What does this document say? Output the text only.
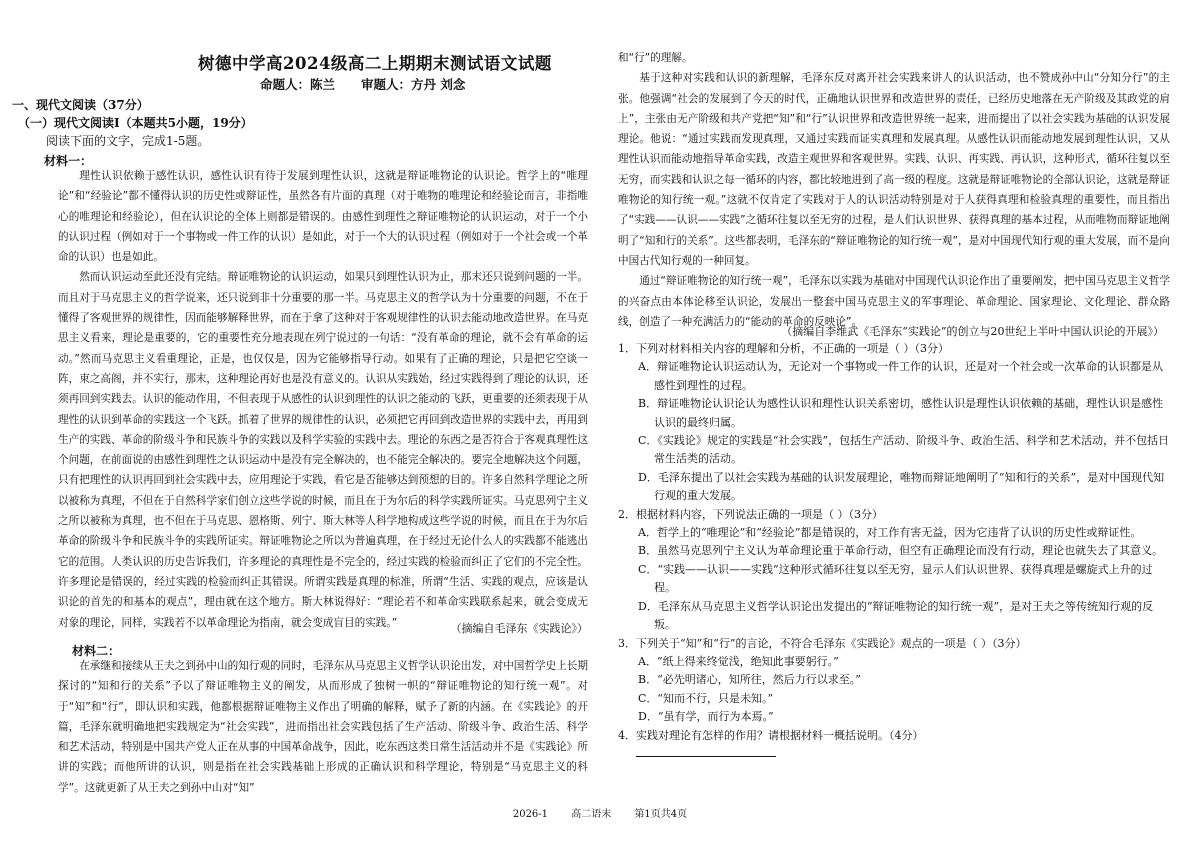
树德中学高2024级高二上期期末测试语文试题
命题人：陈兰 审题人：方丹 刘念
一、现代文阅读（37分）
（一）现代文阅读Ⅰ（本题共5小题，19分）
阅读下面的文字，完成1-5题。
材料一：

理性认识依赖于感性认识，感性认识有待于发展到理性认识，这就是辩证唯物论的认识论。哲学上的“唯理论”和“经验论”都不懂得认识的历史性或辩证性，虽然各有片面的真理（对于唯物的唯理论和经验论而言，非指唯心的唯理论和经验论），但在认识论的全体上则都是错误的。由感性到理性之辩证唯物论的认识运动，对于一个小的认识过程（例如对于一个事物或一件工作的认识）是如此，对于一个大的认识过程（例如对于一个社会或一个革命的认识）也是如此。

然而认识运动至此还没有完结。辩证唯物论的认识运动，如果只到理性认识为止，那末还只说到问题的一半。而且对于马克思主义的哲学说来，还只说到非十分重要的那一半。马克思主义的哲学认为十分重要的问题，不在于懂得了客观世界的规律性，因而能够解释世界，而在于拿了这种对于客观规律性的认识去能动地改造世界。在马克思主义看来，理论是重要的，它的重要性充分地表现在列宁说过的一句话：“没有革命的理论，就不会有革命的运动。”然而马克思主义看重理论，正是，也仅仅是，因为它能够指导行动。如果有了正确的理论，只是把它空谈一阵，束之高阁，并不实行，那末，这种理论再好也是没有意义的。认识从实践始，经过实践得到了理论的认识，还须再回到实践去。认识的能动作用，不但表现于从感性的认识到理性的认识之能动的飞跃，更重要的还须表现于从理性的认识到革命的实践这一个飞跃。抓着了世界的规律性的认识，必须把它再回到改造世界的实践中去，再用到生产的实践、革命的阶级斗争和民族斗争的实践以及科学实验的实践中去。理论的东西之是否符合于客观真理性这个问题，在前面说的由感性到理性之认识运动中是没有完全解决的，也不能完全解决的。要完全地解决这个问题，只有把理性的认识再回到社会实践中去，应用理论于实践，看它是否能够达到预想的目的。许多自然科学理论之所以被称为真理，不但在于自然科学家们创立这些学说的时候，而且在于为尔后的科学实践所证实。马克思列宁主义之所以被称为真理，也不但在于马克思、恩格斯、列宁、斯大林等人科学地构成这些学说的时候，而且在于为尔后革命的阶级斗争和民族斗争的实践所证实。辩证唯物论之所以为普遍真理，在于经过无论什么人的实践都不能逃出它的范围。人类认识的历史告诉我们，许多理论的真理性是不完全的，经过实践的检验而纠正了它们的不完全性。许多理论是错误的，经过实践的检验而纠正其错误。所谓实践是真理的标准，所谓“生活、实践的观点，应该是认识论的首先的和基本的观点”，理由就在这个地方。斯大林说得好：“理论若不和革命实践联系起来，就会变成无对象的理论，同样，实践若不以革命理论为指南，就会变成盲目的实践。”	（摘编自毛泽东《实践论》）
材料二：

在承继和接续从王夫之到孙中山的知行观的同时，毛泽东从马克思主义哲学认识论出发，对中国哲学史上长期探讨的“知和行的关系”予以了辩证唯物主义的阐发，从而形成了独树一帜的“辩证唯物论的知行统一观”。对于“知”和“行”，即认识和实践，他都根据辩证唯物主义作出了明确的解释，赋予了新的内涵。在《实践论》的开篇，毛泽东就明确地把实践规定为“社会实践”，进而指出社会实践包括了生产活动、阶级斗争、政治生活、科学和艺术活动，特别是中国共产党人正在从事的中国革命战争，因此，吃东西这类日常生活活动并不是《实践论》所讲的实践；而他所讲的认识，则是指在社会实践基础上形成的正确认识和科学理论，特别是“马克思主义的科学”。这就更新了从王夫之到孙中山对“知”

和“行”的理解。

基于这种对实践和认识的新理解，毛泽东反对离开社会实践来讲人的认识活动，也不赞成孙中山“分知分行”的主张。他强调“社会的发展到了今天的时代，正确地认识世界和改造世界的责任，已经历史地落在无产阶级及其政党的肩上”，主张由无产阶级和共产党把“知”和“行”认识世界和改造世界统一起来，进而提出了以社会实践为基础的认识发展理论。他说：“通过实践而发现真理，又通过实践而证实真理和发展真理。从感性认识而能动地发展到理性认识，又从理性认识而能动地指导革命实践，改造主观世界和客观世界。实践、认识、再实践、再认识，这种形式，循环往复以至无穷，而实践和认识之每一循环的内容，都比较地进到了高一级的程度。这就是辩证唯物论的全部认识论，这就是辩证唯物论的知行统一观。”这就不仅肯定了实践对于人的认识活动特别是对于人获得真理和检验真理的重要性，而且指出了“实践——认识——实践”之循环往复以至无穷的过程，是人们认识世界、获得真理的基本过程，从而唯物而辩证地阐明了“知和行的关系”。这些都表明，毛泽东的“辩证唯物论的知行统一观”，是对中国现代知行观的重大发展，而不是向中国古代知行观的一种回复。

通过“辩证唯物论的知行统一观”，毛泽东以实践为基础对中国现代认识论作出了重要阐发，把中国马克思主义哲学的兴奋点由本体论移至认识论，发展出一整套中国马克思主义的军事理论、革命理论、国家理论、文化理论、群众路线，创造了一种充满活力的“能动的革命的反映论”。

（摘编自李维武《毛泽东“实践论”的创立与20世纪上半叶中国认识论的开展》）
1．下列对材料相关内容的理解和分析，不正确的一项是（ ）（3分）
A．辩证唯物论认识运动认为，无论对一个事物或一件工作的认识，还是对一个社会或一次革命的认识都是从感性到理性的过程。
B．辩证唯物论认识论认为感性认识和理性认识关系密切，感性认识是理性认识依赖的基础，理性认识是感性认识的最终归属。
C．《实践论》规定的实践是“社会实践”，包括生产活动、阶级斗争、政治生活、科学和艺术活动，并不包括日常生活类的活动。
D．毛泽东提出了以社会实践为基础的认识发展理论，唯物而辩证地阐明了“知和行的关系”，是对中国现代知行观的重大发展。
2．根据材料内容，下列说法正确的一项是（ ）（3分）
A．哲学上的“唯理论”和“经验论”都是错误的，对工作有害无益，因为它违背了认识的历史性或辩证性。
B．虽然马克思列宁主义认为革命理论重于革命行动，但空有正确理论而没有行动，理论也就失去了其意义。
C．“实践——认识——实践”这种形式循环往复以至无穷，显示人们认识世界、获得真理是螺旋式上升的过程。
D．毛泽东从马克思主义哲学认识论出发提出的“辩证唯物论的知行统一观”，是对王夫之等传统知行观的反叛。
3．下列关于“知”和“行”的言论，不符合毛泽东《实践论》观点的一项是（ ）（3分）
A．“纸上得来终觉浅，绝知此事要躬行。”
B．“必先明诸心，知所往，然后力行以求至。”
C．“知而不行，只是未知。”
D．“虽有学，而行为本焉。”
4．实践对理论有怎样的作用？请根据材料一概括说明。（4分）
2026-1 高二语末 第1页共4页
